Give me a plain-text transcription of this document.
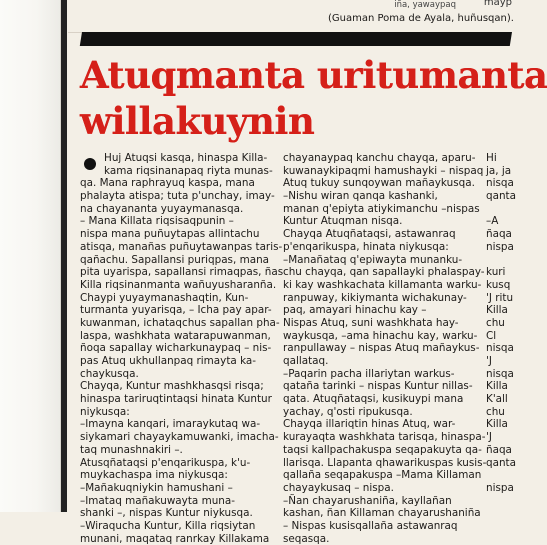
(Guaman Poma de Ayala, huñusqan).
iña, yawaypaq	mayp
Atuqmanta uritumanta
willakuynin
Huj Atuqsi kasqa, hinaspa Killa-
kama riqsinanapaq riyta munas-
qa. Mana raphrayuq kaspa, mana
phalayta atispa; tuta p'unchay, imay-
na chayananta yuyaymanasqa.
– Mana Killata riqsisaqpunin –
nispa mana puñuytapas allintachu
atisqa, manañas puñuytawanpas taris-
qañachu. Sapallansi puriqpas, mana
pita uyarispa, sapallansi rimaqpas, ñas
Killa riqsinanmanta wañuyusharanña.
Chaypi yuyaymanashaqtin, Kun-
turmanta yuyarisqa, – Icha pay apar-
kuwanman, ichataqchus sapallan pha-
laspa, washkhata watarapuwanman,
ñoqa sapallay wicharkunaypaq – nis-
pas Atuq ukhullanpaq rimayta ka-
chaykusqa.
Chayqa, Kuntur mashkhasqsi risqa;
hinaspa tariruqtintaqsi hinata Kuntur
niykusqa:
–Imayna kanqari, imaraykutaq wa-
siykamari chayaykamuwanki, imacha-
taq munashnakiri –.
Atusqñataqsi p'enqarikuspa, k'u-
muykachaspa ima niykusqa:
–Mañakuqniykin hamushani –
–Imataq mañakuwayta muna-
shanki –, nispas Kuntur niykusqa.
–Wiraqucha Kuntur, Killa riqsiytan
munani, maqataq ranrkay Killakama
chayanaypaq kanchu chayqa, aparu-
kuwanaykipaqmi hamushayki – nispaq
Atuq tukuy sunqoywan mañaykusqa.
–Nishu wiran qanqa kashanki,
manan q'epiyta atiykimanchu –nispas
Kuntur Atuqman nisqa.
Chayqa Atuqñataqsi, astawanraq
p'enqarikuspa, hinata niykusqa:
–Manañataq q'epiwayta munanku-
chu chayqa, qan sapallayki phalaspay-
ki kay washkachata killamanta warku-
ranpuway, kikiymanta wichakunay-
paq, amayari hinachu kay –
Nispas Atuq, suni washkhata hay-
waykusqa, –ama hinachu kay, warku-
ranpullaway – nispas Atuq mañaykus-
qallataq.
–Paqarin pacha illariytan warkus-
qataña tarinki – nispas Kuntur nillas-
qata. Atuqñataqsi, kusikuypi mana
yachay, q'osti ripukusqa.
Chayqa illariqtin hinas Atuq, war-
kurayaqta washkhata tarisqa, hinaspa-
taqsi kallpachakuspa seqapakuyta qa-
llarisqa. Llapanta qhawarikuspas kusis-
qallaña seqapakuspa –Mama Killaman
chayaykusaq – nispa.
–Ñan chayarushaniña, kayllañan
kashan, ñan Killaman chayarushaniña
– Nispas kusisqallaña astawanraq
seqasqa.
Hi
ja, ja
nisqa
qanta
–A
ñaqa
nispa
kuri
kusq
'J ritu
Killa
chu
Cl
nisqa
'J
nisqa
Killa
K'all
chu
Killa
'J
ñaqa
qanta
nispa
